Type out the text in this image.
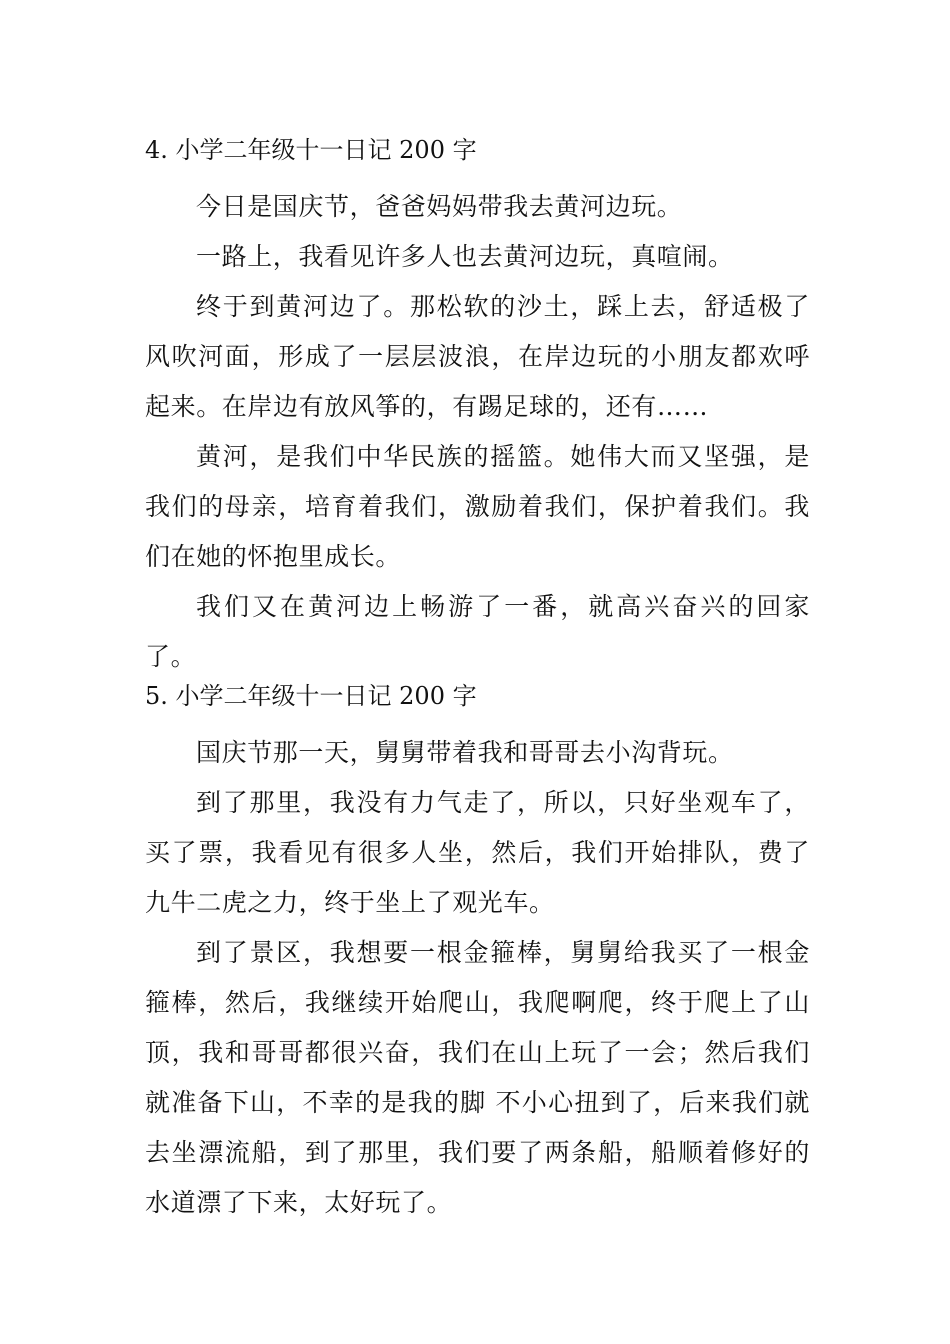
4. 小学二年级十一日记 200 字

今日是国庆节，爸爸妈妈带我去黄河边玩。

一路上，我看见许多人也去黄河边玩，真喧闹。

终于到黄河边了。那松软的沙土，踩上去，舒适极了风吹河面，形成了一层层波浪，在岸边玩的小朋友都欢呼起来。在岸边有放风筝的，有踢足球的，还有……

黄河，是我们中华民族的摇篮。她伟大而又坚强，是我们的母亲，培育着我们，激励着我们，保护着我们。我们在她的怀抱里成长。

我们又在黄河边上畅游了一番，就高兴奋兴的回家了。

5. 小学二年级十一日记 200 字

国庆节那一天，舅舅带着我和哥哥去小沟背玩。

到了那里，我没有力气走了，所以，只好坐观车了，买了票，我看见有很多人坐，然后，我们开始排队，费了九牛二虎之力，终于坐上了观光车。

到了景区，我想要一根金箍棒，舅舅给我买了一根金箍棒，然后，我继续开始爬山，我爬啊爬，终于爬上了山顶，我和哥哥都很兴奋，我们在山上玩了一会；然后我们就准备下山，不幸的是我的脚 不小心扭到了，后来我们就去坐漂流船，到了那里，我们要了两条船，船顺着修好的水道漂了下来，太好玩了。
